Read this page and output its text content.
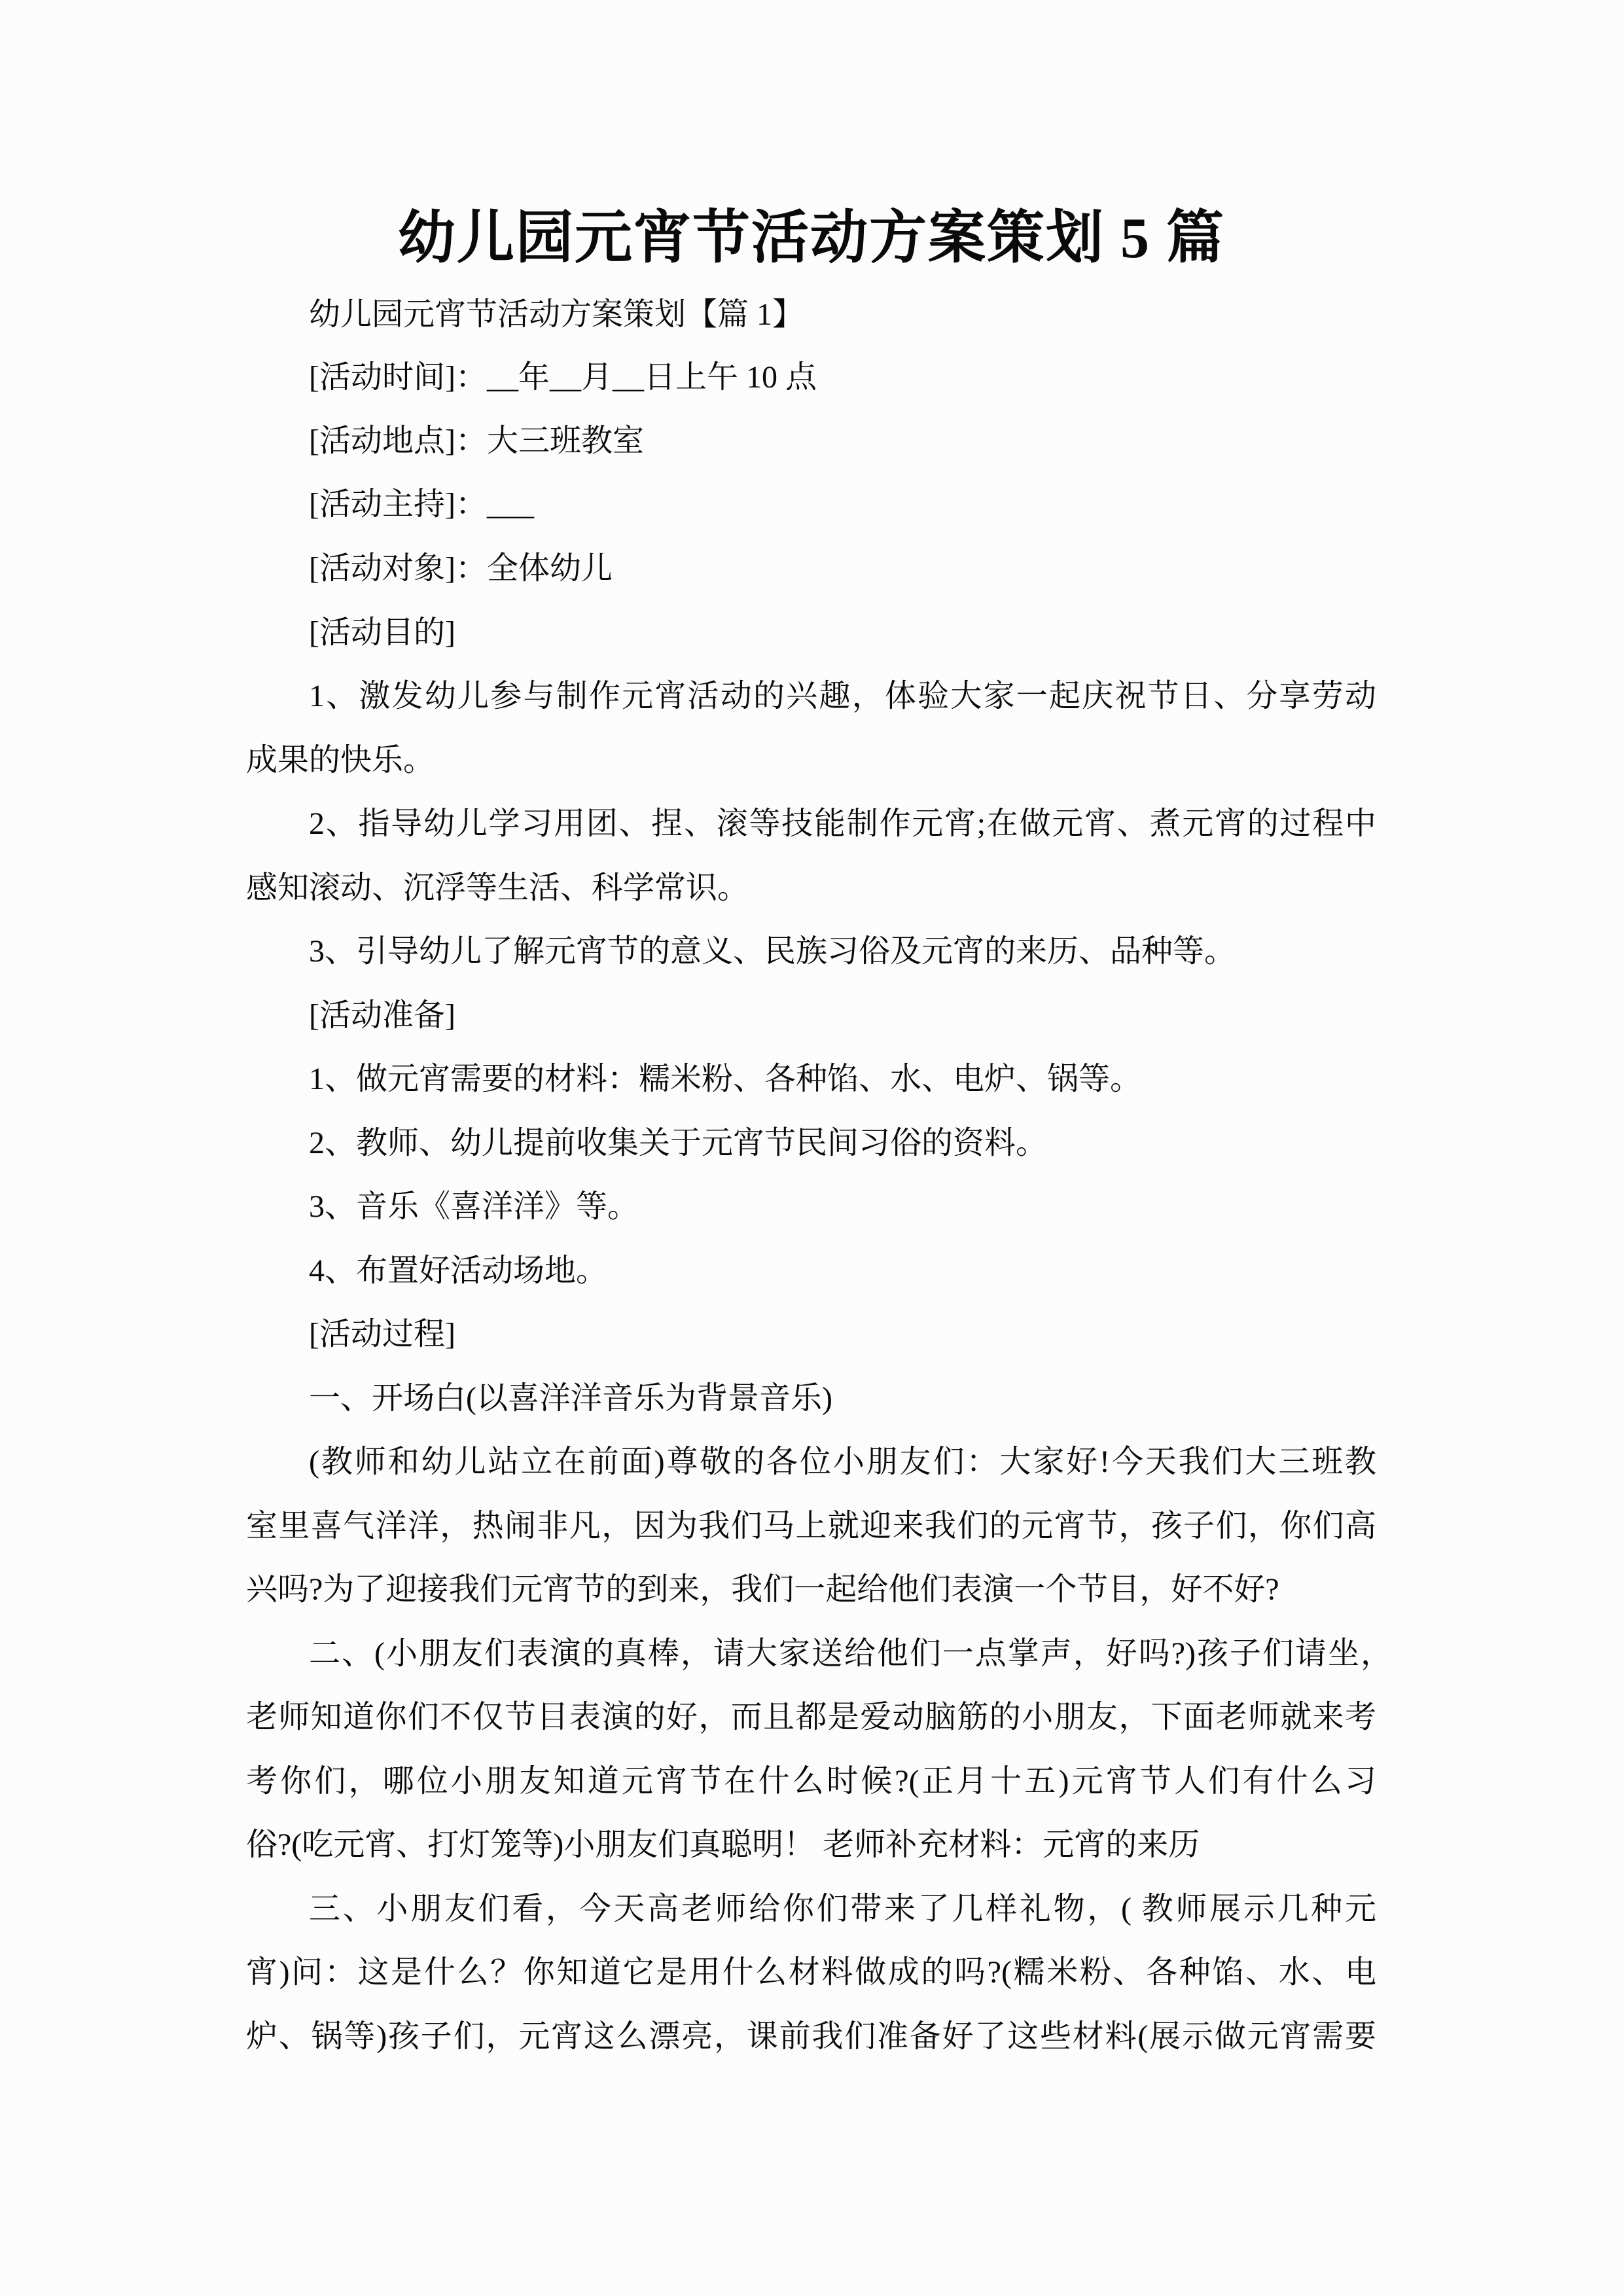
幼儿园元宵节活动方案策划 5 篇
幼儿园元宵节活动方案策划【篇 1】
[活动时间]：__年__月__日上午 10 点
[活动地点]：大三班教室
[活动主持]：___
[活动对象]：全体幼儿
[活动目的]
1、激发幼儿参与制作元宵活动的兴趣，体验大家一起庆祝节日、分享劳动
成果的快乐。
2、指导幼儿学习用团、捏、滚等技能制作元宵;在做元宵、煮元宵的过程中
感知滚动、沉浮等生活、科学常识。
3、引导幼儿了解元宵节的意义、民族习俗及元宵的来历、品种等。
[活动准备]
1、做元宵需要的材料：糯米粉、各种馅、水、电炉、锅等。
2、教师、幼儿提前收集关于元宵节民间习俗的资料。
3、音乐《喜洋洋》等。
4、布置好活动场地。
[活动过程]
一、开场白(以喜洋洋音乐为背景音乐)
(教师和幼儿站立在前面)尊敬的各位小朋友们：大家好!今天我们大三班教
室里喜气洋洋，热闹非凡，因为我们马上就迎来我们的元宵节，孩子们，你们高
兴吗?为了迎接我们元宵节的到来，我们一起给他们表演一个节目，好不好?
二、(小朋友们表演的真棒，请大家送给他们一点掌声，好吗?)孩子们请坐，
老师知道你们不仅节目表演的好，而且都是爱动脑筋的小朋友，下面老师就来考
考你们，哪位小朋友知道元宵节在什么时候?(正月十五)元宵节人们有什么习
俗?(吃元宵、打灯笼等)小朋友们真聪明！ 老师补充材料：元宵的来历
三、小朋友们看，今天高老师给你们带来了几样礼物，( 教师展示几种元
宵)问：这是什么？你知道它是用什么材料做成的吗?(糯米粉、各种馅、水、电
炉、锅等)孩子们，元宵这么漂亮，课前我们准备好了这些材料(展示做元宵需要
